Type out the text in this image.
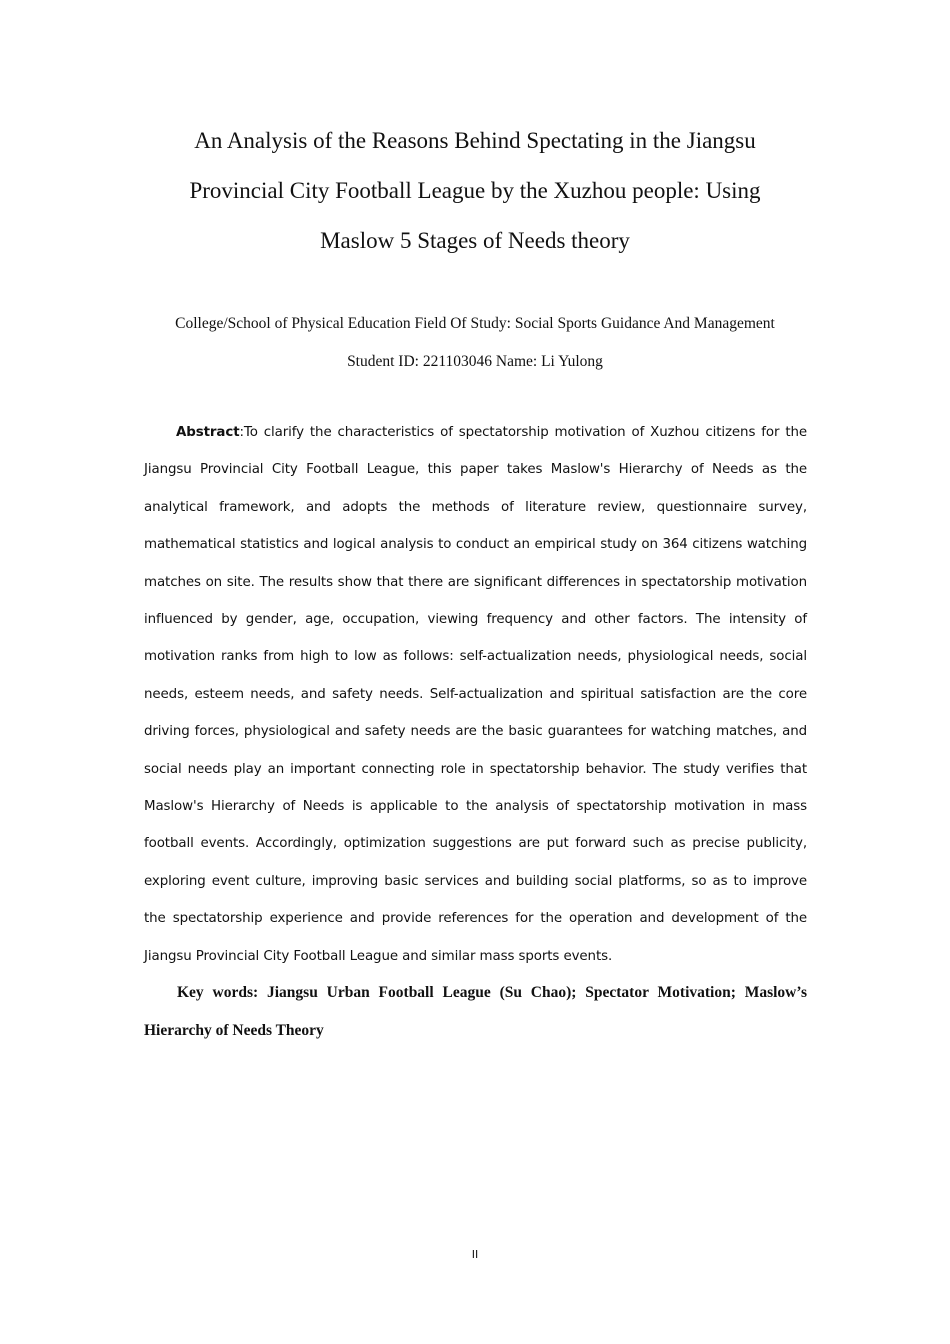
An Analysis of the Reasons Behind Spectating in the Jiangsu Provincial City Football League by the Xuzhou people: Using Maslow 5 Stages of Needs theory
College/School of Physical Education Field Of Study: Social Sports Guidance And Management
Student ID: 221103046 Name: Li Yulong

Abstract:To clarify the characteristics of spectatorship motivation of Xuzhou citizens for the Jiangsu Provincial City Football League, this paper takes Maslow's Hierarchy of Needs as the analytical framework, and adopts the methods of literature review, questionnaire survey, mathematical statistics and logical analysis to conduct an empirical study on 364 citizens watching matches on site. The results show that there are significant differences in spectatorship motivation influenced by gender, age, occupation, viewing frequency and other factors. The intensity of motivation ranks from high to low as follows: self-actualization needs, physiological needs, social needs, esteem needs, and safety needs. Self-actualization and spiritual satisfaction are the core driving forces, physiological and safety needs are the basic guarantees for watching matches, and social needs play an important connecting role in spectatorship behavior. The study verifies that Maslow's Hierarchy of Needs is applicable to the analysis of spectatorship motivation in mass football events. Accordingly, optimization suggestions are put forward such as precise publicity, exploring event culture, improving basic services and building social platforms, so as to improve the spectatorship experience and provide references for the operation and development of the Jiangsu Provincial City Football League and similar mass sports events.

Key words: Jiangsu Urban Football League (Su Chao); Spectator Motivation; Maslow’s Hierarchy of Needs Theory

II
